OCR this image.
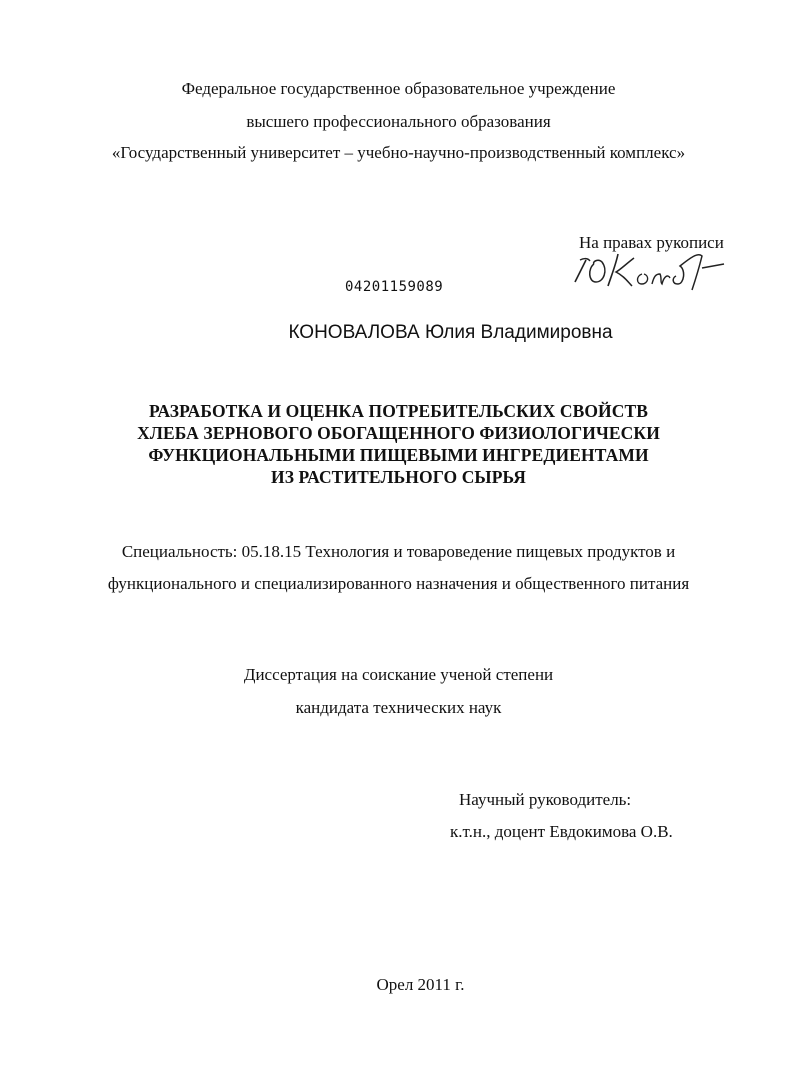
Федеральное государственное образовательное учреждение
высшего профессионального образования
«Государственный университет – учебно-научно-производственный комплекс»
На правах рукописи
04201159089
КОНОВАЛОВА Юлия Владимировна
РАЗРАБОТКА И ОЦЕНКА ПОТРЕБИТЕЛЬСКИХ СВОЙСТВ
ХЛЕБА ЗЕРНОВОГО ОБОГАЩЕННОГО ФИЗИОЛОГИЧЕСКИ
ФУНКЦИОНАЛЬНЫМИ ПИЩЕВЫМИ ИНГРЕДИЕНТАМИ
ИЗ РАСТИТЕЛЬНОГО СЫРЬЯ
Специальность: 05.18.15 Технология и товароведение пищевых продуктов и
функционального и специализированного назначения и общественного питания
Диссертация на соискание ученой степени
кандидата технических наук
Научный руководитель:
к.т.н., доцент Евдокимова О.В.
Орел 2011 г.
